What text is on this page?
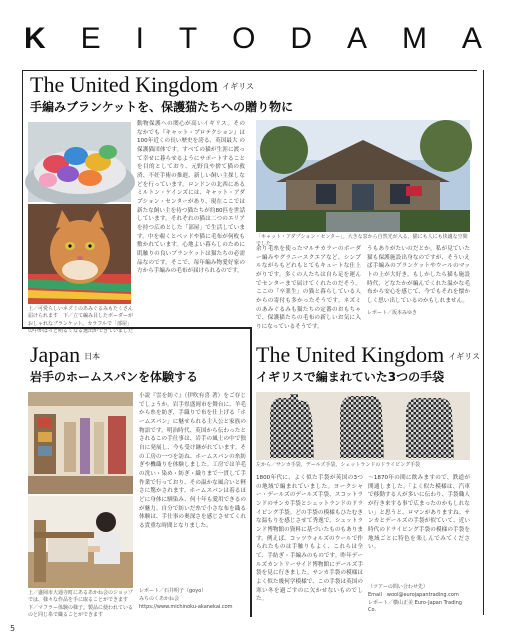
K E I T O D A M A
The United Kingdom イギリス
手編みブランケットを、保護猫たちへの贈り物に
上／可愛らしいネズミのあみぐるみもたくさん届けられます　下／立て編み目したボーダーがおしゃれなブランケット。カラフルで「部屋」の中がぱっと明るくなる選出ができていました
動物保護への関心が高いイギリス。その なかでも『キャット・プロテクション』は 100年近くの長い歴史を誇る、英国最大 の保護猫団体です。すべての猫が生涯に渡って幸せに暮らせるようにサポートすることを目的としており、元野良や捨て猫の救済、不妊手術の推進、新しい飼い主探しなどを行っています。ロンドンの北西にあるミルトン・ケインズには、キャット・アダプション・センターがあり、現在ここでは新たな飼い主を待つ猫たちが約80匹を世話しています。それぞれの猫は二つのエリアを持つ広めとした「部屋」で生活しています。中を覗くとベッドや猫に毛布が何枚も敷かれています。心地よい暮らしのために肌触りの良いブランケットは猫たちの必需品なのです。そこで、毎年編み物愛好家の方から手編みの毛布が届けられるのです。
「キャット・アダプション・センター」。大きな窓から自然光が入る、猫にも人にも快適な空間でした
余り毛糸を使ったマルチカラーのボーダー編みやグラニースクエアなど、シンプルながらもどれもとてもキュートな仕上がりです。多くの人たちは自ら足を運んでセンターまで届けてくれたのだそう。ここの「卒業生」の猫と暮らしている人からの寄付も多かったそうです。ネズミのあみぐるみも猫たちの定番のおもちゃで、保護猫たちの毛布の新しいお気に入りになっているそうです。
うもありがたいのだとか。私が見ていた猫も保護施設出身なのですが、そういえば手編みのブランケットやウールのマットの上が大好き。もしかしたら猫も施設時代、どなたかが編んでくれた温かな毛布から安心を感じて、今でもそれを懐かしく思い出しているのかもしれません。
レポート／坂本みゆき
Japan 日本
岩手のホームスパンを体験する
上／盛岡市大通寺町にあるあかね会のショップでは、様々な作品を手に取ることができます　下／マフラー体験の様子。製品に使われているのと同じ糸で織ることができます
小説『雲を紡ぐ』（伊吹有喜 著）をご存じでしょうか。岩手県盛岡市を舞台に、羊毛から糸を紡ぎ、手織りで布を仕上げる「ホームスパン」に魅せられる主人公と家族の物語です。明治時代、英国から伝わったとされるこの手仕事は、岩手の風土の中で独自に発展し、今も受け継がれています。その工房の一つを訪ね、ホームスパンの糸紡ぎや機織りを体験しました。工房では羊毛の洗い・染め・紡ぎ・織りまで一貫して手作業で行っており、その温かな風合いと軽さに驚かされます。ホームスパンは着るほどに身体に馴染み、何十年も愛用できるのが魅力。自分で紡いだ糸で小さな布を織る体験は、手仕事の奥深さを感じさせてくれる貴重な時間となりました。
レポート／石井明子（goyo）
みちのくあかね会
https://www.michinoku-akanekai.com
The United Kingdom イギリス
イギリスで編まれていた3つの手袋
左から／サンカ手袋、デールズ手袋、シェットランドのドライビング手袋
1800年代に、よく似た手袋が英国の3つの地域で編まれていました。ヨークシャー・デールズのデールズ手袋、スコットランドのサンカ手袋とシェットランドのドライビング手袋。どの手袋の模様もひたむきな温もりを感じさせて秀逸で、シェットランド博物館の資料に基づいたものもあります。例えば、コッツウォルズのウールで作られたものは手触りもよく、これらは全て、手紡ぎ・手編みのものです。昨年デールズカントリーサイド博物館にデールズ手袋を見に行きました。サンカ手袋の模様はよく似た幾何学模様で、この手袋は英国の寒い冬を過ごすのに欠かせないものでした。
〜1870年の間に飲みますので、鉄道が開通しました。「よく似た模様は、汽車で移動する人が多いに伝わり、手袋職人が行き来する事で広まったのかもしれない」と思うと、ロマンがありますね。サンカとデールズの手袋が似ていて、近い時代のドライビング手袋の模様の手袋を地域ごとに特色を楽しんでみてください。
（ツアーの問い合わせ先）
Email　wool@eurojapantrading.com
レポート／横山正美 Euro-Japan Trading Co.
5
